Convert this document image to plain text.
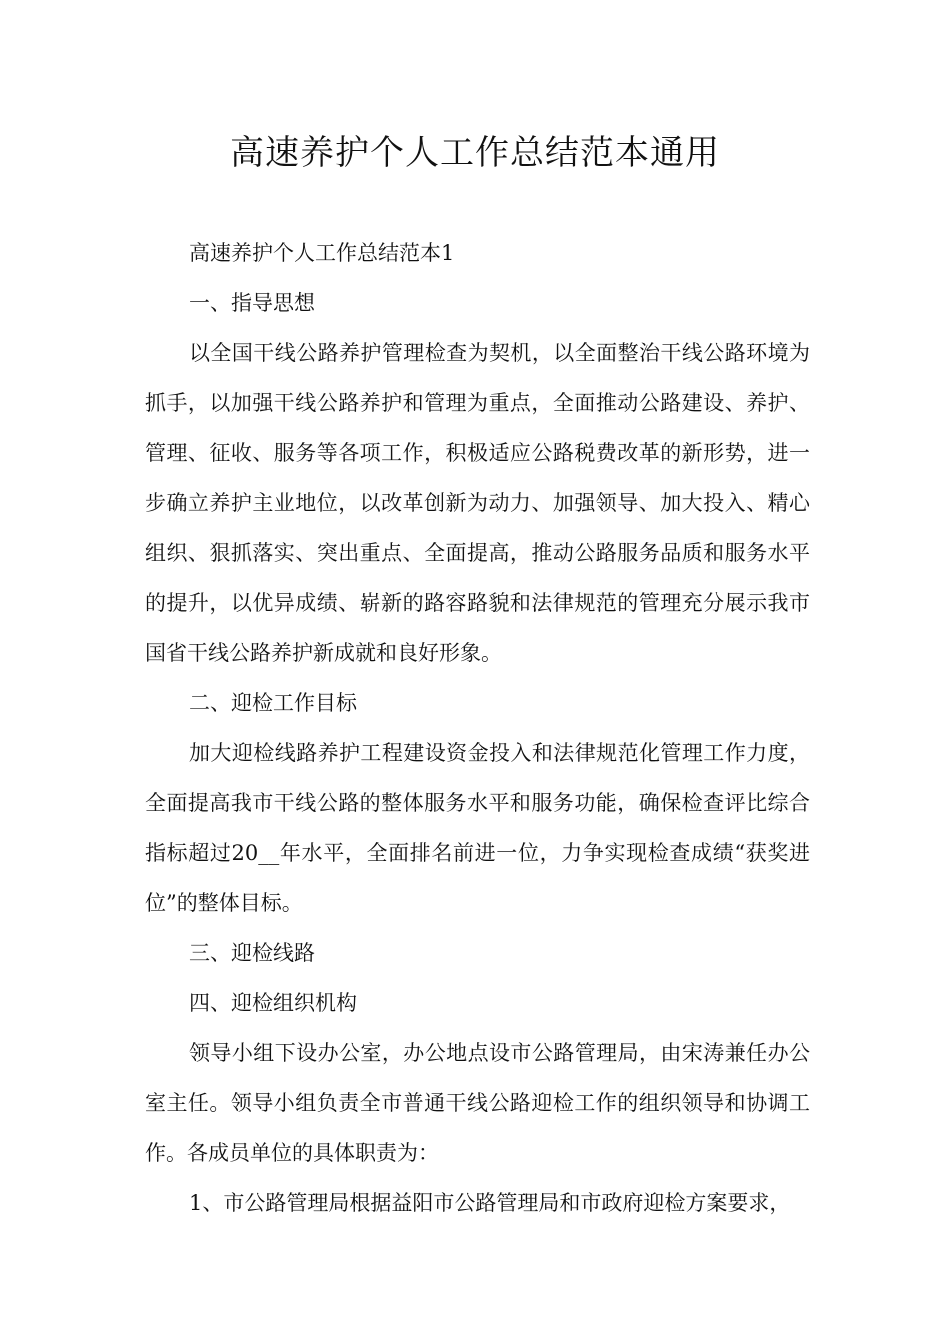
高速养护个人工作总结范本通用

高速养护个人工作总结范本1

一、指导思想

以全国干线公路养护管理检查为契机，以全面整治干线公路环境为抓手，以加强干线公路养护和管理为重点，全面推动公路建设、养护、管理、征收、服务等各项工作，积极适应公路税费改革的新形势，进一步确立养护主业地位，以改革创新为动力、加强领导、加大投入、精心组织、狠抓落实、突出重点、全面提高，推动公路服务品质和服务水平的提升，以优异成绩、崭新的路容路貌和法律规范的管理充分展示我市国省干线公路养护新成就和良好形象。

二、迎检工作目标

加大迎检线路养护工程建设资金投入和法律规范化管理工作力度，全面提高我市干线公路的整体服务水平和服务功能，确保检查评比综合指标超过20__年水平，全面排名前进一位，力争实现检查成绩“获奖进位”的整体目标。

三、迎检线路

四、迎检组织机构

领导小组下设办公室，办公地点设市公路管理局，由宋涛兼任办公室主任。领导小组负责全市普通干线公路迎检工作的组织领导和协调工作。各成员单位的具体职责为：

1、市公路管理局根据益阳市公路管理局和市政府迎检方案要求，
